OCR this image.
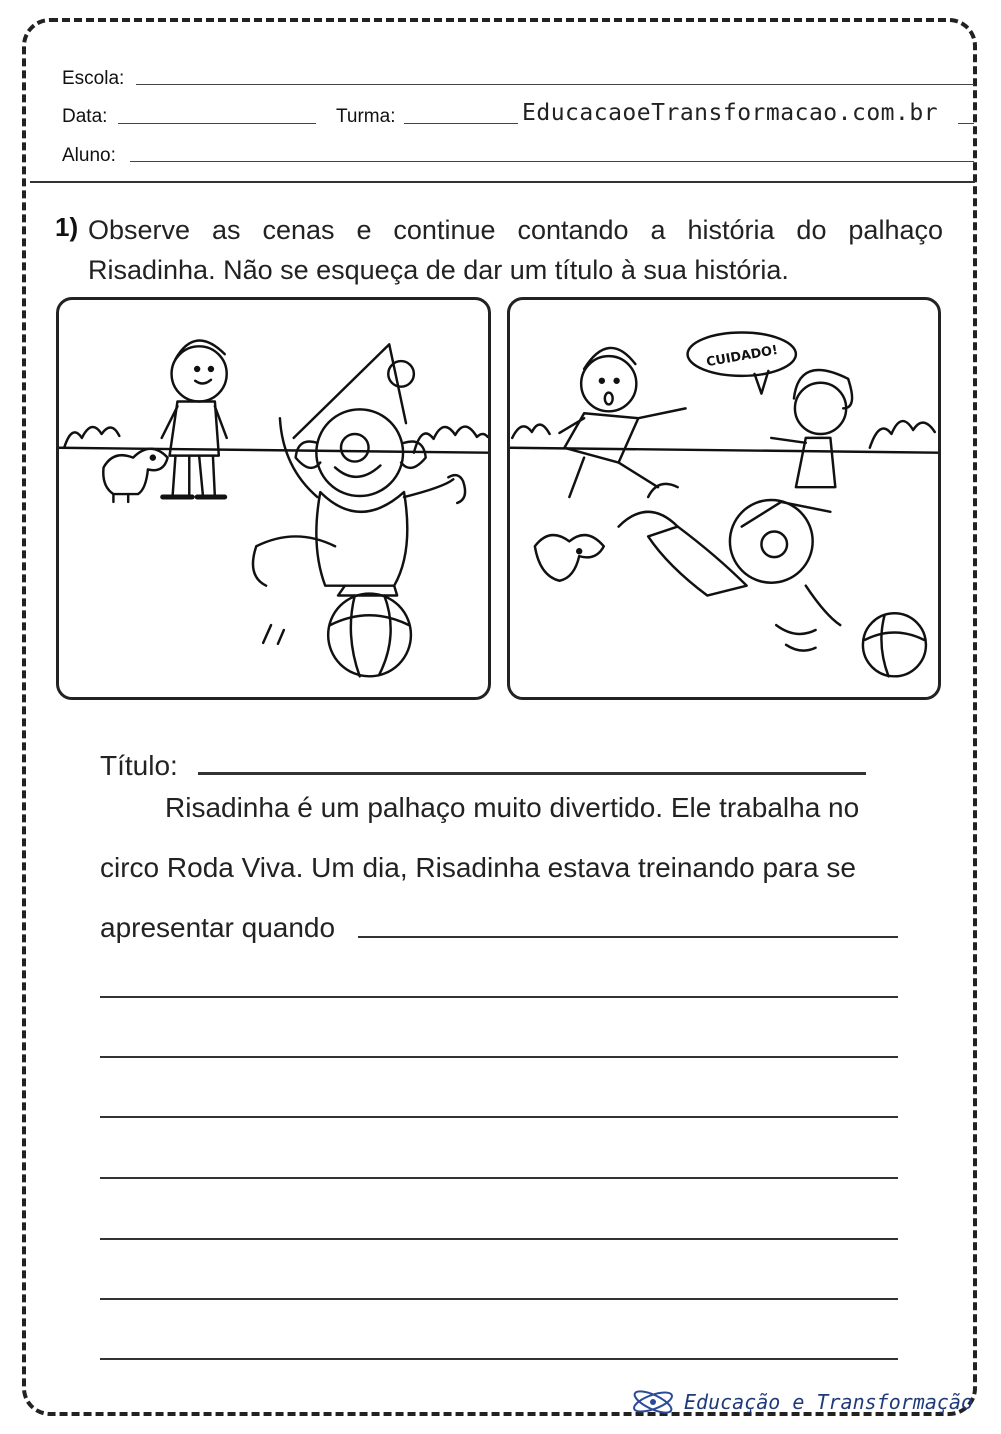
Escola:
Data:	Turma:	EducacaoeTransformacao.com.br
Aluno:
1) Observe as cenas e continue contando a história do palhaço
Risadinha. Não se esqueça de dar um título à sua história.
CUIDADO!
Título:
Risadinha é um palhaço muito divertido. Ele trabalha no
circo Roda Viva. Um dia, Risadinha estava treinando para se
apresentar quando
Educação e Transformação
